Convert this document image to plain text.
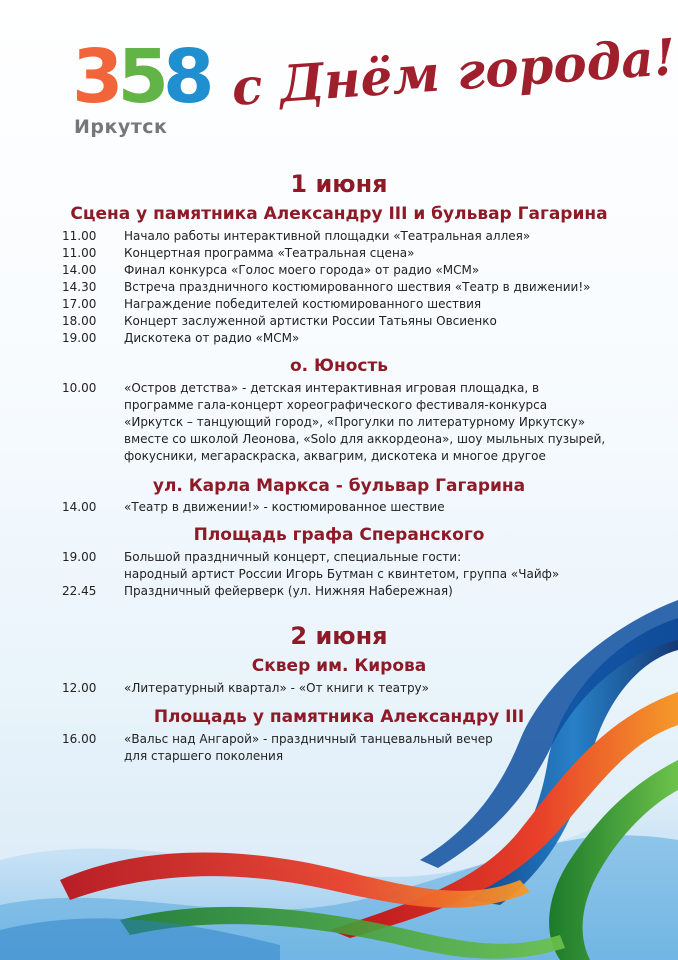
358
Иркутск
с Днём города!
1 июня
Сцена у памятника Александру III и бульвар Гагарина
11.00	Начало работы интерактивной площадки «Театральная аллея»
11.00	Концертная программа «Театральная сцена»
14.00	Финал конкурса «Голос моего города» от радио «МСМ»
14.30	Встреча праздничного костюмированного шествия «Театр в движении!»
17.00	Награждение победителей костюмированного шествия
18.00	Концерт заслуженной артистки России Татьяны Овсиенко
19.00	Дискотека от радио «МСМ»
о. Юность
10.00	«Остров детства» - детская интерактивная игровая площадка, в
программе гала-концерт хореографического фестиваля-конкурса
«Иркутск – танцующий город», «Прогулки по литературному Иркутску»
вместе со школой Леонова, «Solo для аккордеона», шоу мыльных пузырей,
фокусники, мегараскраска, аквагрим, дискотека и многое другое
ул. Карла Маркса - бульвар Гагарина
14.00	«Театр в движении!» - костюмированное шествие
Площадь графа Сперанского
19.00	Большой праздничный концерт, специальные гости:
народный артист России Игорь Бутман с квинтетом, группа «Чайф»
22.45	Праздничный фейерверк (ул. Нижняя Набережная)
2 июня
Сквер им. Кирова
12.00	«Литературный квартал» - «От книги к театру»
Площадь у памятника Александру III
16.00	«Вальс над Ангарой» - праздничный танцевальный вечер
для старшего поколения
